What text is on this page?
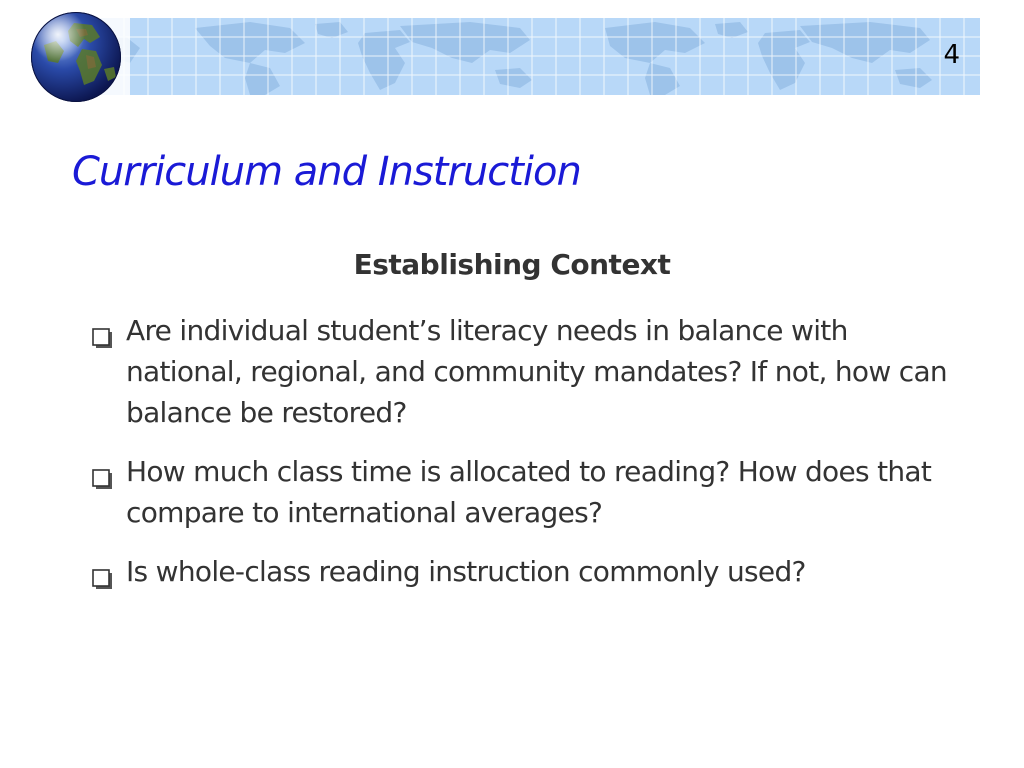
4
Curriculum and Instruction
Establishing Context
Are individual student’s literacy needs in balance with national, regional, and community mandates? If not, how can balance be restored?
How much class time is allocated to reading? How does that compare to international averages?
Is whole-class reading instruction commonly used?
